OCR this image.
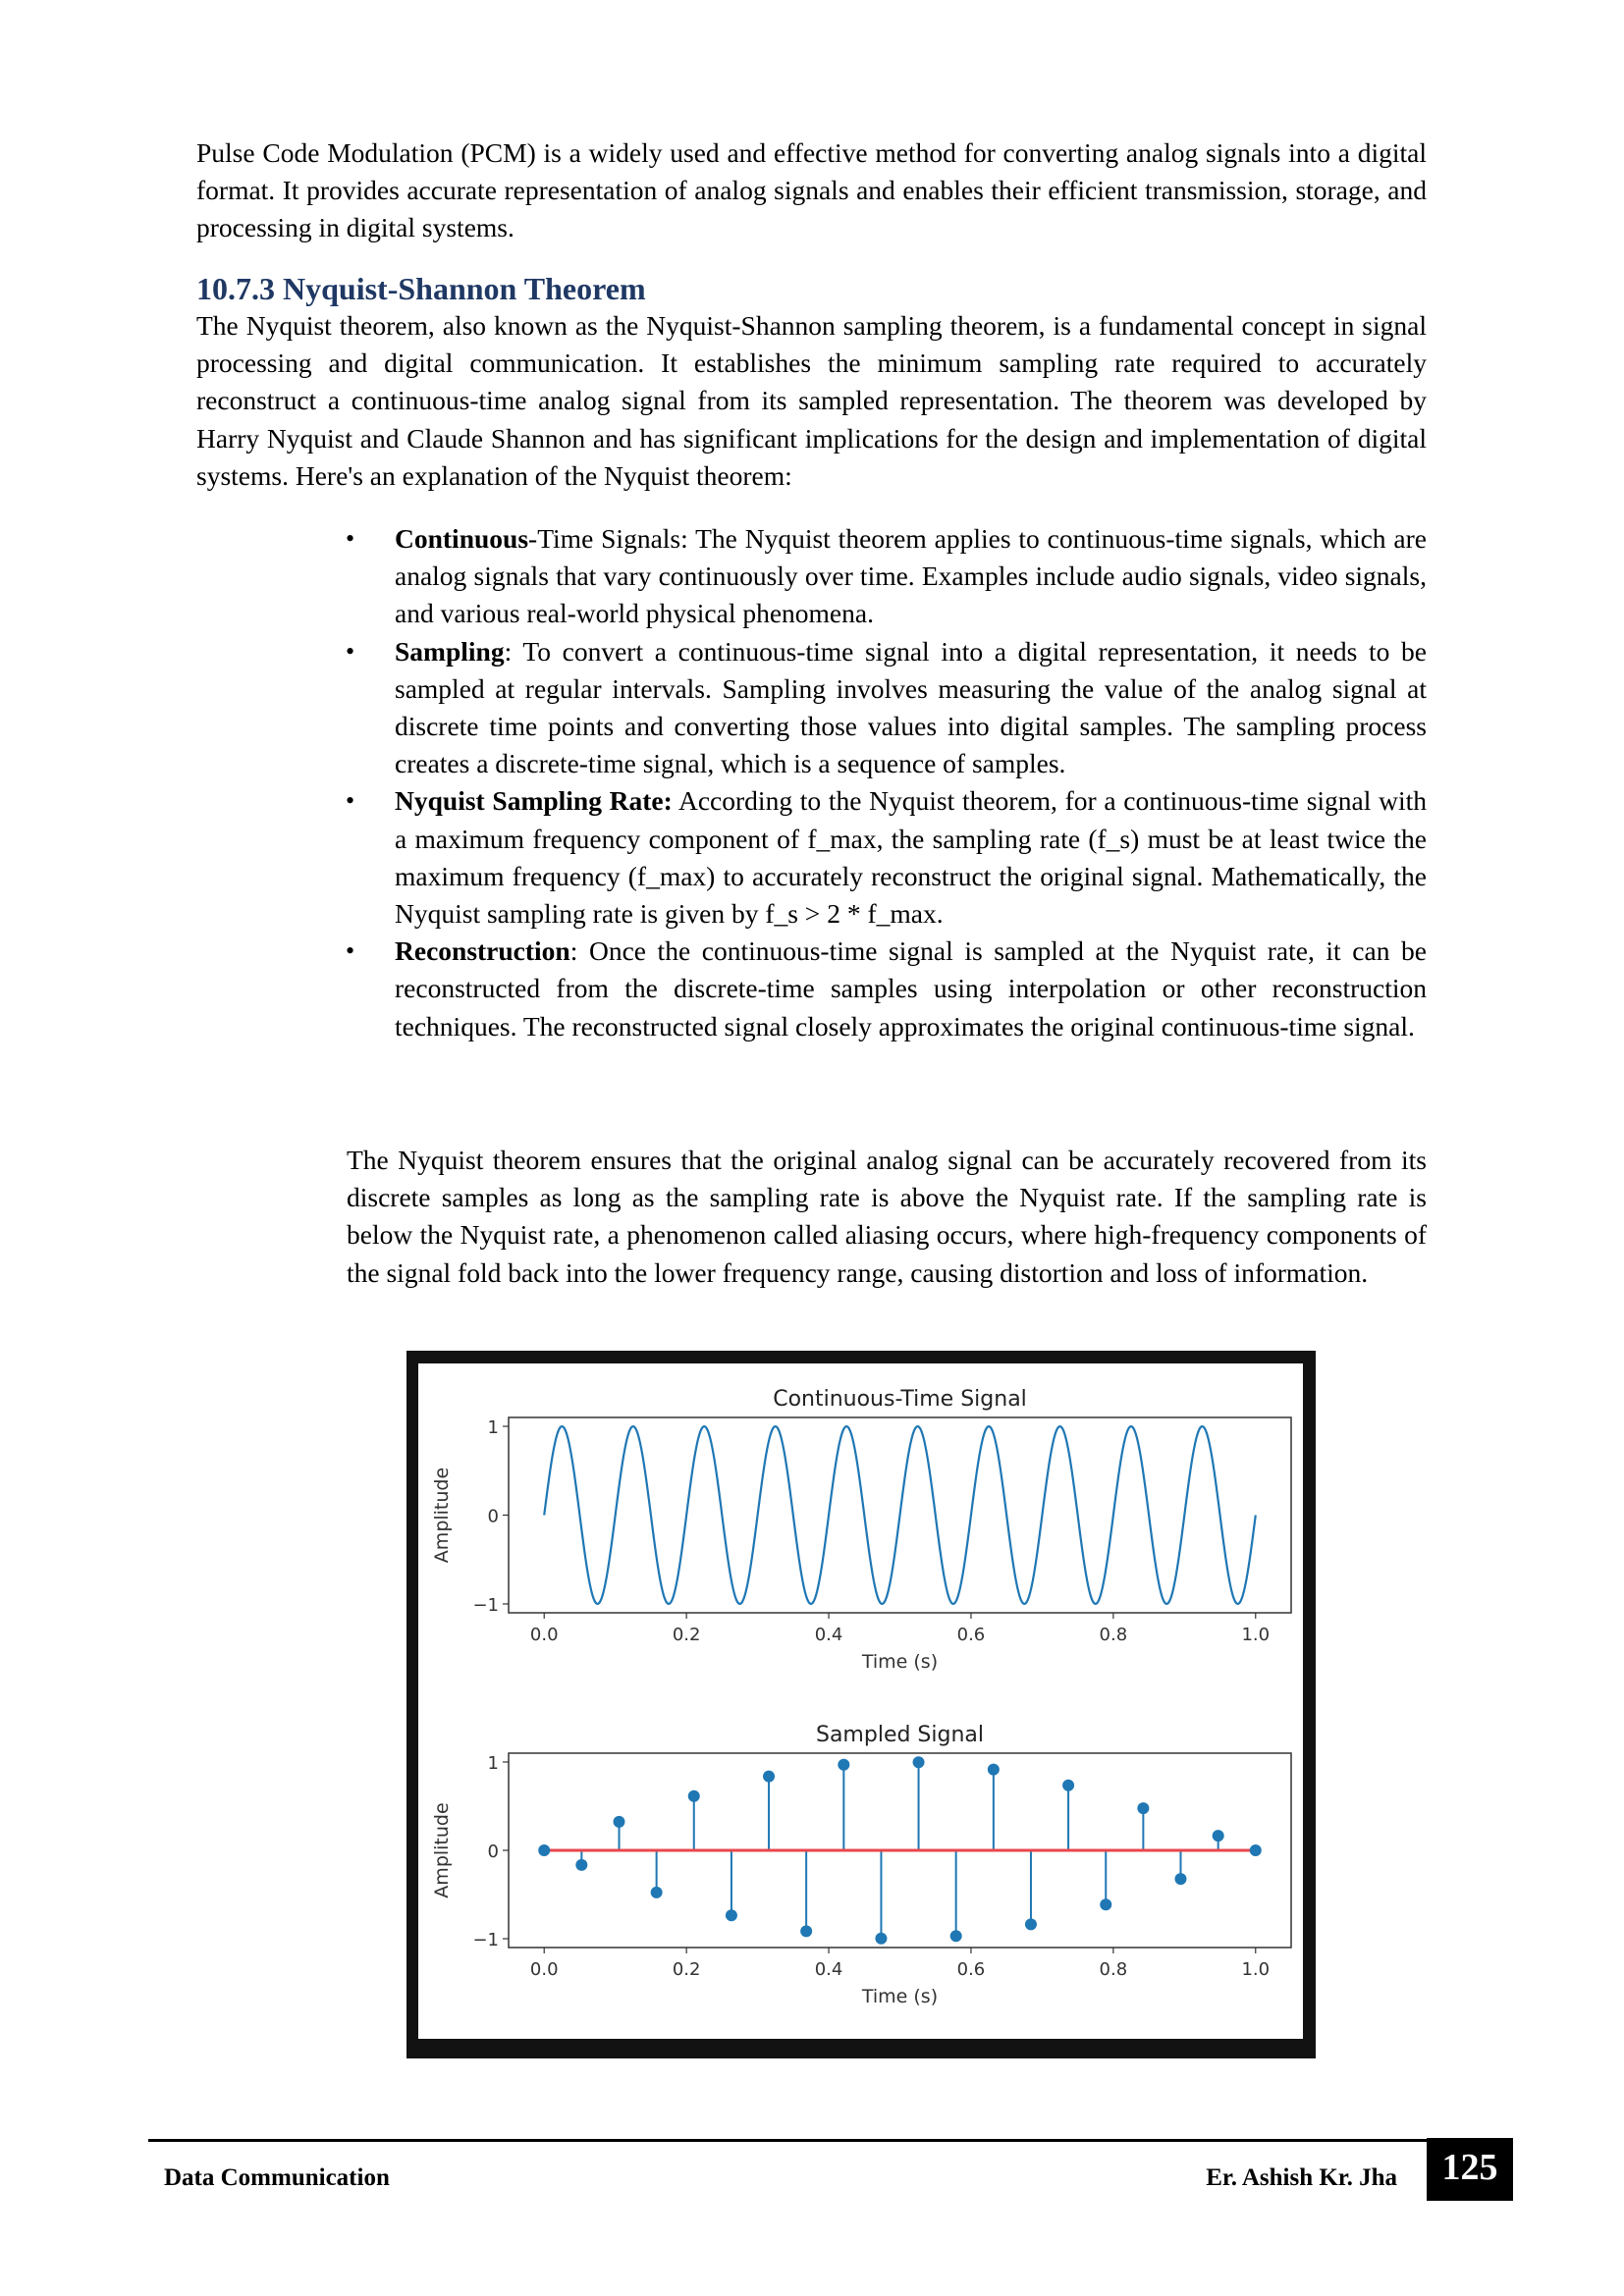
Pulse Code Modulation (PCM) is a widely used and effective method for converting analog signals into a digital format. It provides accurate representation of analog signals and enables their efficient transmission, storage, and processing in digital systems.

10.7.3 Nyquist-Shannon Theorem

The Nyquist theorem, also known as the Nyquist-Shannon sampling theorem, is a fundamental concept in signal processing and digital communication. It establishes the minimum sampling rate required to accurately reconstruct a continuous-time analog signal from its sampled representation. The theorem was developed by Harry Nyquist and Claude Shannon and has significant implications for the design and implementation of digital systems. Here's an explanation of the Nyquist theorem:

• Continuous-Time Signals: The Nyquist theorem applies to continuous-time signals, which are analog signals that vary continuously over time. Examples include audio signals, video signals, and various real-world physical phenomena.
• Sampling: To convert a continuous-time signal into a digital representation, it needs to be sampled at regular intervals. Sampling involves measuring the value of the analog signal at discrete time points and converting those values into digital samples. The sampling process creates a discrete-time signal, which is a sequence of samples.
• Nyquist Sampling Rate: According to the Nyquist theorem, for a continuous-time signal with a maximum frequency component of f_max, the sampling rate (f_s) must be at least twice the maximum frequency (f_max) to accurately reconstruct the original signal. Mathematically, the Nyquist sampling rate is given by f_s > 2 * f_max.
• Reconstruction: Once the continuous-time signal is sampled at the Nyquist rate, it can be reconstructed from the discrete-time samples using interpolation or other reconstruction techniques. The reconstructed signal closely approximates the original continuous-time signal.

The Nyquist theorem ensures that the original analog signal can be accurately recovered from its discrete samples as long as the sampling rate is above the Nyquist rate. If the sampling rate is below the Nyquist rate, a phenomenon called aliasing occurs, where high-frequency components of the signal fold back into the lower frequency range, causing distortion and loss of information.

Continuous-Time Signal
0.0	0.2	0.4	0.6	0.8	1.0
−1
0
1
Time (s)
Amplitude
Sampled Signal
0.0	0.2	0.4	0.6	0.8	1.0
−1
0
1
Time (s)
Amplitude
Data Communication	Er. Ashish Kr. Jha	125
